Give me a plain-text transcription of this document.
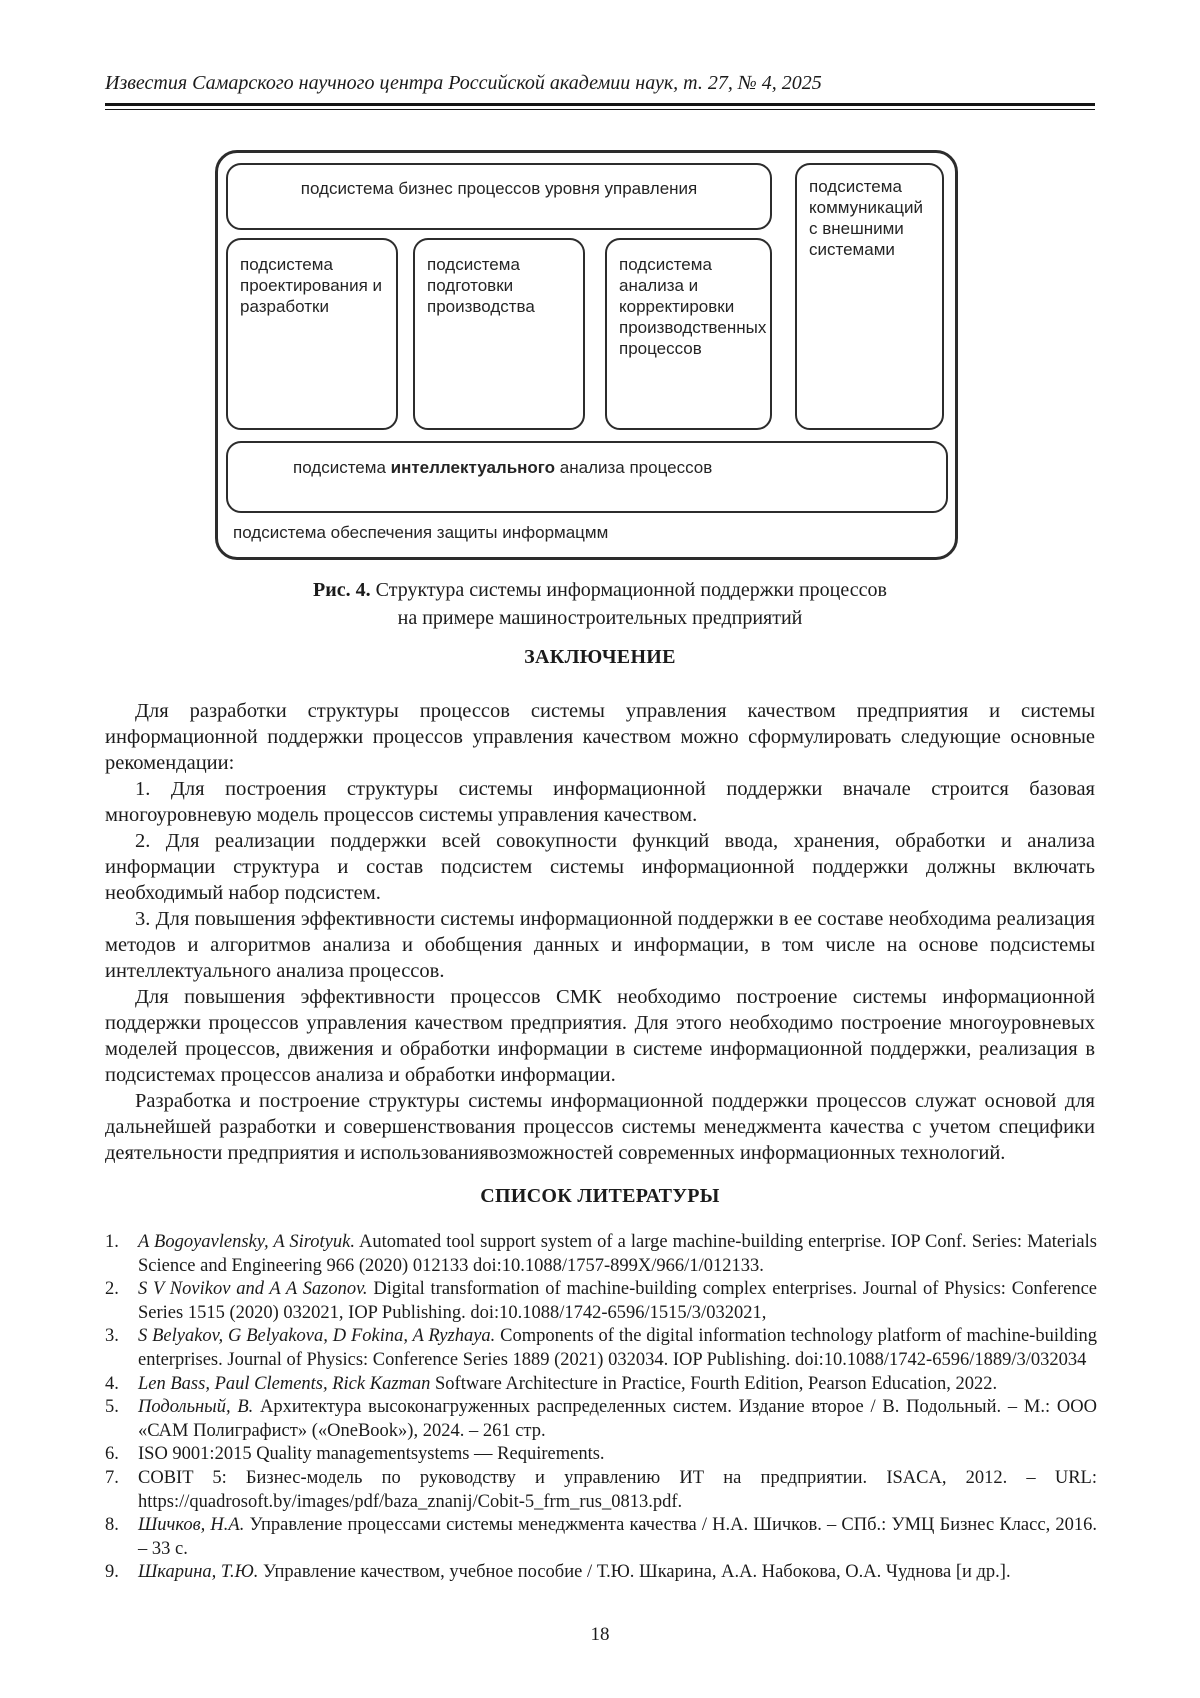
Известия Самарского научного центра Российской академии наук, т. 27, № 4, 2025
подсистема бизнес процессов уровня управления	подсистема коммуникаций с внешними системами
подсистема проектирования и разработки
подсистема подготовки производства
подсистема анализа и корректировки производственных процессов
подсистема интеллектуального анализа процессов
подсистема обеспечения защиты информацмм
Рис. 4. Структура системы информационной поддержки процессов
на примере машиностроительных предприятий
ЗАКЛЮЧЕНИЕ

Для разработки структуры процессов системы управления качеством предприятия и системы информационной поддержки процессов управления качеством можно сформулировать следующие основные рекомендации:

1. Для построения структуры системы информационной поддержки вначале строится базовая многоуровневую модель процессов системы управления качеством.

2. Для реализации поддержки всей совокупности функций ввода, хранения, обработки и анализа информации структура и состав подсистем системы информационной поддержки должны включать необходимый набор подсистем.

3. Для повышения эффективности системы информационной поддержки в ее составе необходима реализация методов и алгоритмов анализа и обобщения данных и информации, в том числе на основе подсистемы интеллектуального анализа процессов.

Для повышения эффективности процессов СМК необходимо построение системы информационной поддержки процессов управления качеством предприятия. Для этого необходимо построение многоуровневых моделей процессов, движения и обработки информации в системе информационной поддержки, реализация в подсистемах процессов анализа и обработки информации.

Разработка и построение структуры системы информационной поддержки процессов служат основой для дальнейшей разработки и совершенствования процессов системы менеджмента качества с учетом специфики деятельности предприятия и использованиявозможностей современных информационных технологий.

СПИСОК ЛИТЕРАТУРЫ
1.	A Bogoyavlensky, A Sirotyuk. Automated tool support system of a large machine-building enterprise. IOP Conf. Series: Materials Science and Engineering 966 (2020) 012133 doi:10.1088/1757-899X/966/1/012133.
2.	S V Novikov and A A Sazonov. Digital transformation of machine-building complex enterprises. Journal of Physics: Conference Series 1515 (2020) 032021, IOP Publishing. doi:10.1088/1742-6596/1515/3/032021,
3.	S Belyakov, G Belyakova, D Fokina, A Ryzhaya. Components of the digital information technology platform of machine-building enterprises. Journal of Physics: Conference Series 1889 (2021) 032034. IOP Publishing. doi:10.1088/1742-6596/1889/3/032034
4.	Len Bass, Paul Clements, Rick Kazman Software Architecture in Practice, Fourth Edition, Pearson Education, 2022.
5.	Подольный, В. Архитектура высоконагруженных распределенных систем. Издание второе / В. Подольный. – М.: ООО «САМ Полиграфист» («OneBook»), 2024. – 261 стр.
6.	ISO 9001:2015 Quality managementsystems — Requirements.
7.	COBIT 5: Бизнес-модель по руководству и управлению ИТ на предприятии. ISACA, 2012. – URL: https://quadrosoft.by/images/pdf/baza_znanij/Cobit-5_frm_rus_0813.pdf.
8.	Шичков, Н.А. Управление процессами системы менеджмента качества / Н.А. Шичков. – СПб.: УМЦ Бизнес Класс, 2016. – 33 с.
9.	Шкарина, Т.Ю. Управление качеством, учебное пособие / Т.Ю. Шкарина, А.А. Набокова, О.А. Чуднова [и др.].
18
